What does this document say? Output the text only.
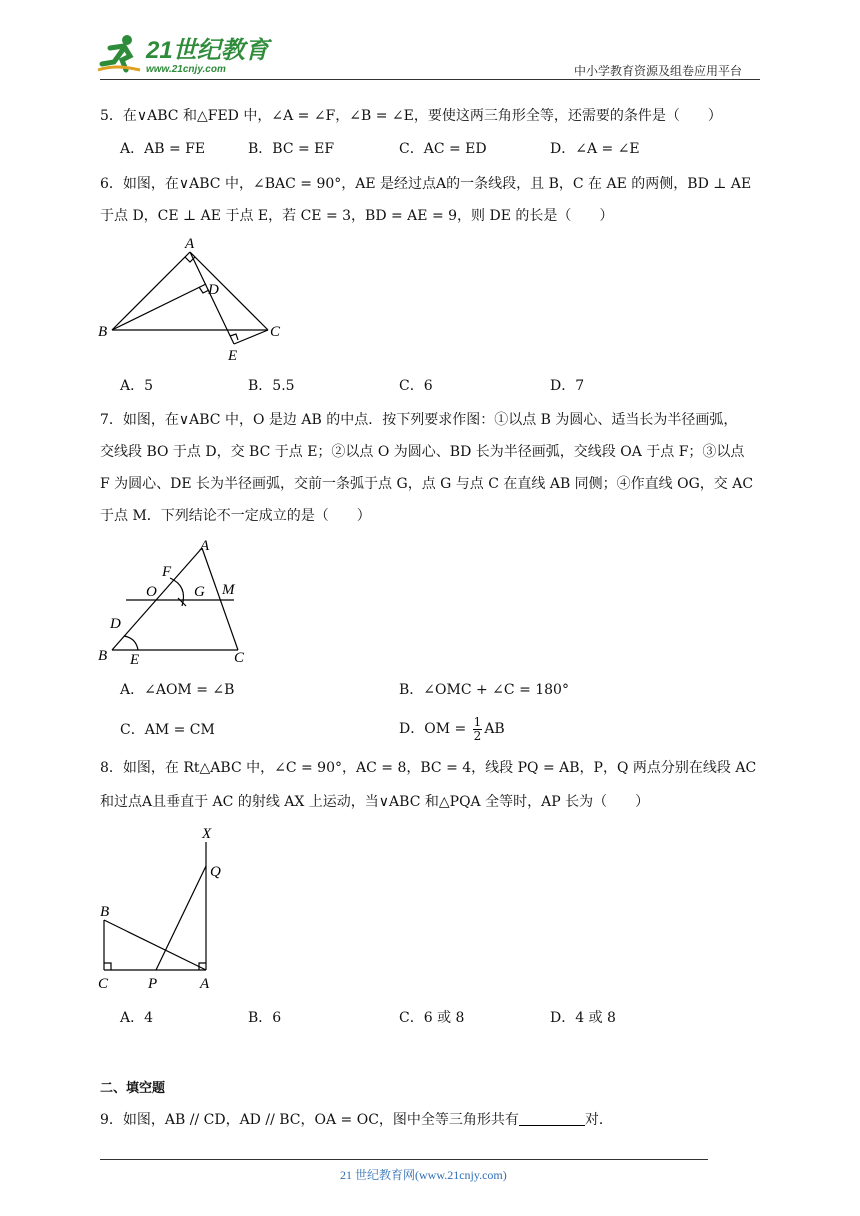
21世纪教育
www.21cnjy.com	中小学教育资源及组卷应用平台
5．在∨ABC 和△FED 中，∠A = ∠F，∠B = ∠E，要使这两三角形全等，还需要的条件是（　　）
A．AB = FE	B．BC = EF	C．AC = ED	D．∠A = ∠E
6．如图，在∨ABC 中，∠BAC = 90°，AE 是经过点A的一条线段，且 B，C 在 AE 的两侧，BD ⊥ AE
于点 D，CE ⊥ AE 于点 E，若 CE = 3，BD = AE = 9，则 DE 的长是（　　）
A
D
B	C
E
A．5	B．5.5	C．6	D．7
7．如图，在∨ABC 中，O 是边 AB 的中点．按下列要求作图：①以点 B 为圆心、适当长为半径画弧，
交线段 BO 于点 D，交 BC 于点 E；②以点 O 为圆心、BD 长为半径画弧，交线段 OA 于点 F；③以点
F 为圆心、DE 长为半径画弧，交前一条弧于点 G，点 G 与点 C 在直线 AB 同侧；④作直线 OG，交 AC
于点 M．下列结论不一定成立的是（　　）
A
F
O G M
D
B E	C
A．∠AOM = ∠B	B．∠OMC + ∠C = 180°
C．AM = CM	D．OM = $\frac{1}{2}$ AB
8．如图，在 Rt△ABC 中，∠C = 90°，AC = 8，BC = 4，线段 PQ = AB，P，Q 两点分别在线段 AC
和过点A且垂直于 AC 的射线 AX 上运动，当∨ABC 和△PQA 全等时，AP 长为（　　）
X
Q
B
C	P	A
A．4	B．6	C．6 或 8	D．4 或 8
二、填空题
9．如图，AB // CD，AD // BC，OA = OC，图中全等三角形共有	对．
21 世纪教育网(www.21cnjy.com)
